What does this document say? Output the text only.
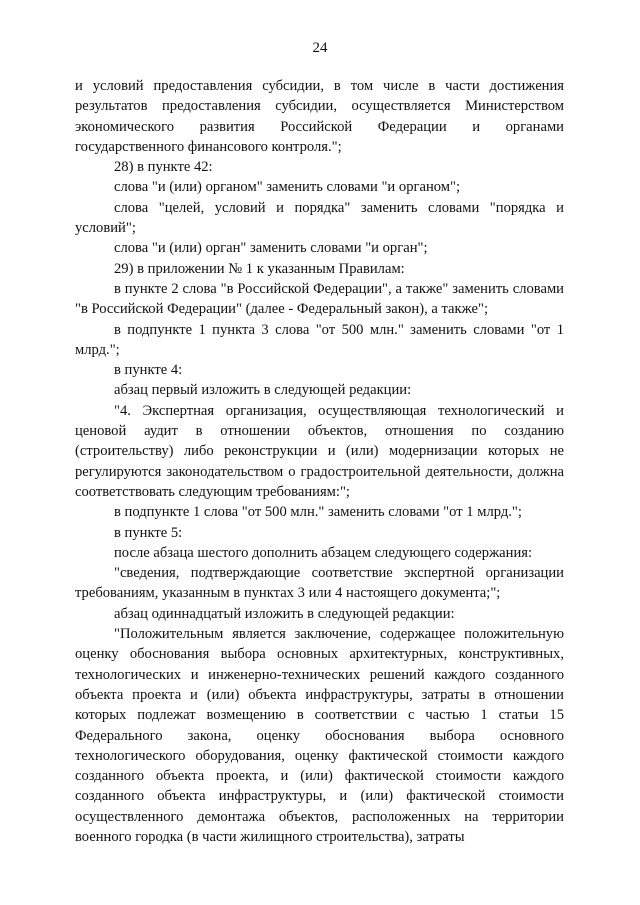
24

и условий предоставления субсидии, в том числе в части достижения результатов предоставления субсидии, осуществляется Министерством экономического развития Российской Федерации и органами государственного финансового контроля.";

28) в пункте 42:

слова "и (или) органом" заменить словами "и органом";

слова "целей, условий и порядка" заменить словами "порядка и условий";

слова "и (или) орган" заменить словами "и орган";

29) в приложении № 1 к указанным Правилам:

в пункте 2 слова "в Российской Федерации", а также" заменить словами "в Российской Федерации" (далее - Федеральный закон), а также";

в подпункте 1 пункта 3 слова "от 500 млн." заменить словами "от 1 млрд.";

в пункте 4:

абзац первый изложить в следующей редакции:

"4. Экспертная организация, осуществляющая технологический и ценовой аудит в отношении объектов, отношения по созданию (строительству) либо реконструкции и (или) модернизации которых не регулируются законодательством о градостроительной деятельности, должна соответствовать следующим требованиям:";

в подпункте 1 слова "от 500 млн." заменить словами "от 1 млрд.";

в пункте 5:

после абзаца шестого дополнить абзацем следующего содержания:

"сведения, подтверждающие соответствие экспертной организации требованиям, указанным в пунктах 3 или 4 настоящего документа;";

абзац одиннадцатый изложить в следующей редакции:

"Положительным является заключение, содержащее положительную оценку обоснования выбора основных архитектурных, конструктивных, технологических и инженерно-технических решений каждого созданного объекта проекта и (или) объекта инфраструктуры, затраты в отношении которых подлежат возмещению в соответствии с частью 1 статьи 15 Федерального закона, оценку обоснования выбора основного технологического оборудования, оценку фактической стоимости каждого созданного объекта проекта, и (или) фактической стоимости каждого созданного объекта инфраструктуры, и (или) фактической стоимости осуществленного демонтажа объектов, расположенных на территории военного городка (в части жилищного строительства), затраты
